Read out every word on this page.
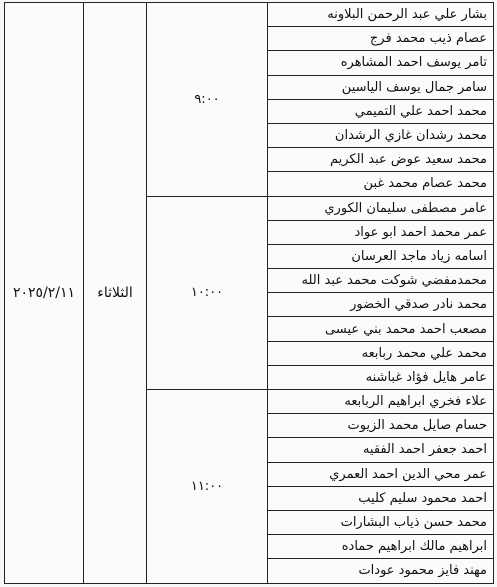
بشار علي عبد الرحمن البلاونه	٩:٠٠	الثلاثاء	٢٠٢٥/٢/١١
عصام ذيب محمد فرج			
تامر يوسف احمد المشاهره			
سامر جمال يوسف الياسين			
محمد احمد علي التميمي			
محمد رشدان غازي الرشدان			
محمد سعيد عوض عبد الكريم			
محمد عصام محمد غبن			
عامر مصطفى سليمان الكوري	١٠:٠٠		
عمر محمد احمد ابو عواد			
اسامه زياد ماجد العرسان			
محمدمفضي شوكت محمد عبد الله			
محمد نادر صدقي الخضور			
مصعب احمد محمد بني عيسى			
محمد علي محمد ربابعه			
عامر هايل فؤاد غباشنه			
علاء فخري ابراهيم الربابعه	١١:٠٠		
حسام صايل محمد الزيوت			
احمد جعفر احمد الفقيه			
عمر محي الدين احمد العمري			
احمد محمود سليم كليب			
محمد حسن ذياب البشارات			
ابراهيم مالك ابراهيم حماده			
مهند فايز محمود عودات			
